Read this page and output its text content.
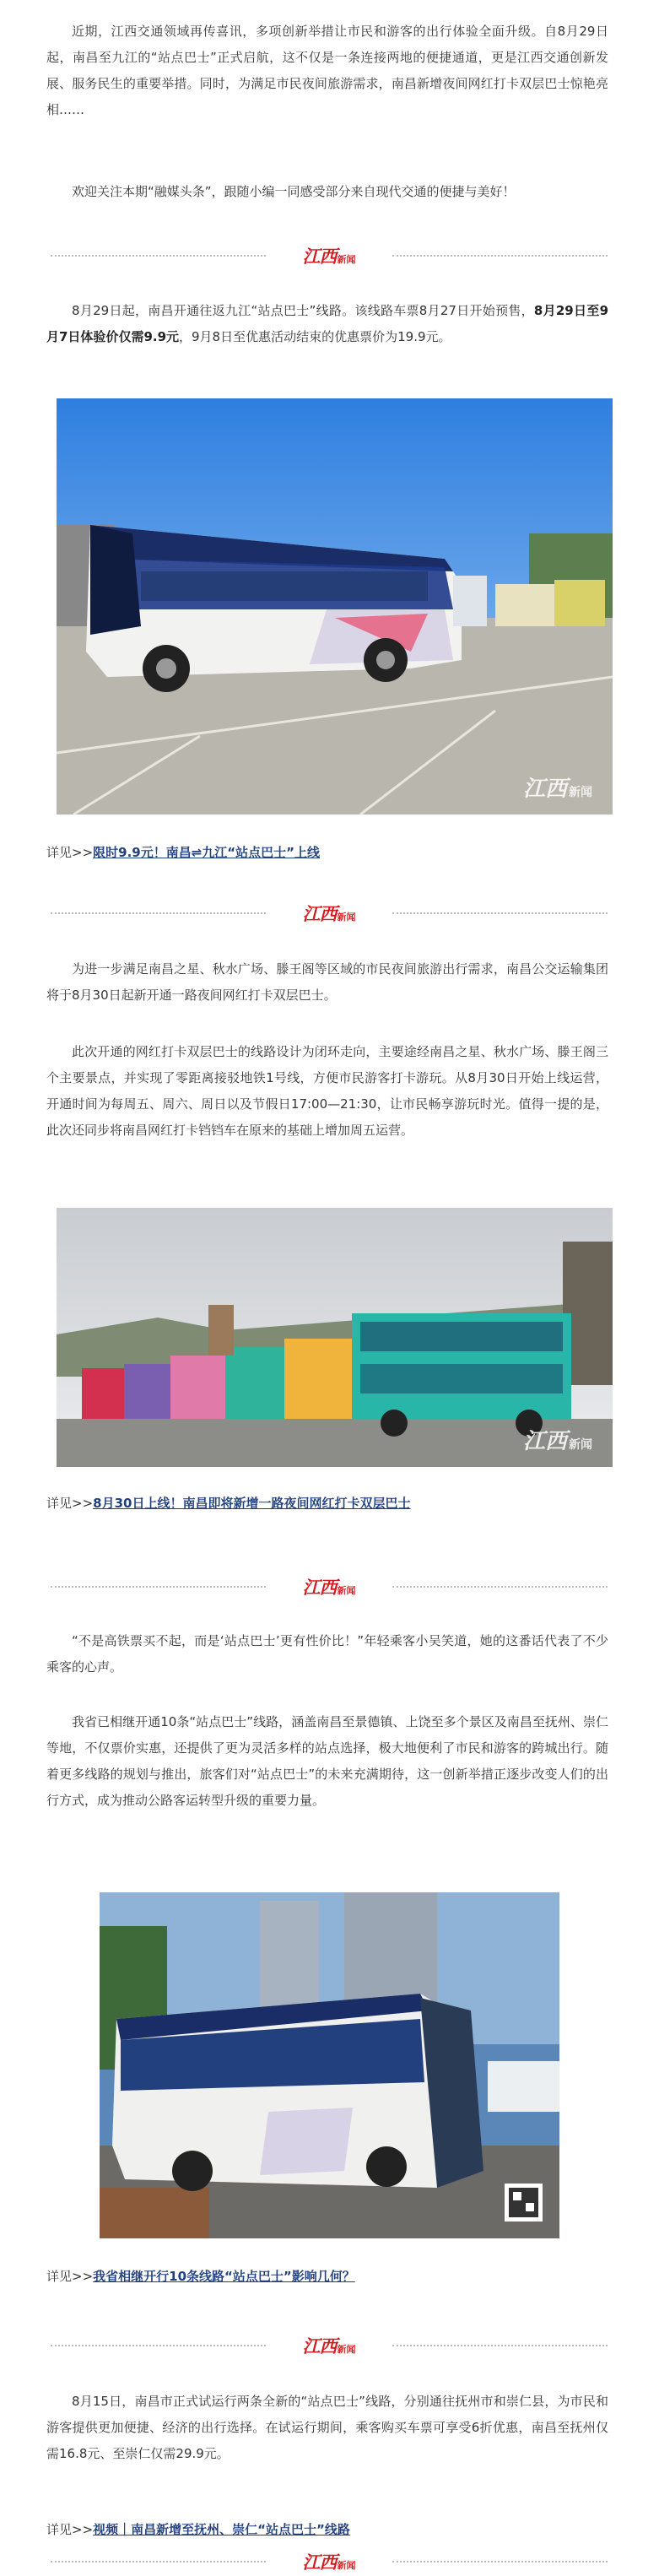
近期，江西交通领域再传喜讯，多项创新举措让市民和游客的出行体验全面升级。自8月29日起，南昌至九江的“站点巴士”正式启航，这不仅是一条连接两地的便捷通道，更是江西交通创新发展、服务民生的重要举措。同时，为满足市民夜间旅游需求，南昌新增夜间网红打卡双层巴士惊艳亮相……

欢迎关注本期“融媒头条”，跟随小编一同感受部分来自现代交通的便捷与美好！

江西新闻

8月29日起，南昌开通往返九江“站点巴士”线路。该线路车票8月27日开始预售，8月29日至9月7日体验价仅需9.9元，9月8日至优惠活动结束的优惠票价为19.9元。

江西 新闻
详见>>限时9.9元！南昌⇌九江“站点巴士”上线
江西新闻

为进一步满足南昌之星、秋水广场、滕王阁等区域的市民夜间旅游出行需求，南昌公交运输集团将于8月30日起新开通一路夜间网红打卡双层巴士。

此次开通的网红打卡双层巴士的线路设计为闭环走向，主要途经南昌之星、秋水广场、滕王阁三个主要景点，并实现了零距离接驳地铁1号线，方便市民游客打卡游玩。从8月30日开始上线运营，开通时间为每周五、周六、周日以及节假日17:00—21:30，让市民畅享游玩时光。值得一提的是，此次还同步将南昌网红打卡铛铛车在原来的基础上增加周五运营。

江西 新闻
详见>>8月30日上线！南昌即将新增一路夜间网红打卡双层巴士
江西新闻

“不是高铁票买不起，而是‘站点巴士’更有性价比！”年轻乘客小吴笑道，她的这番话代表了不少乘客的心声。

我省已相继开通10条“站点巴士”线路，涵盖南昌至景德镇、上饶至多个景区及南昌至抚州、崇仁等地，不仅票价实惠，还提供了更为灵活多样的站点选择，极大地便利了市民和游客的跨城出行。随着更多线路的规划与推出，旅客们对“站点巴士”的未来充满期待，这一创新举措正逐步改变人们的出行方式，成为推动公路客运转型升级的重要力量。

详见>>我省相继开行10条线路“站点巴士”影响几何？
江西新闻

8月15日，南昌市正式试运行两条全新的“站点巴士”线路，分别通往抚州市和崇仁县，为市民和游客提供更加便捷、经济的出行选择。在试运行期间，乘客购买车票可享受6折优惠，南昌至抚州仅需16.8元、至崇仁仅需29.9元。

详见>>视频｜南昌新增至抚州、崇仁“站点巴士”线路
江西新闻
